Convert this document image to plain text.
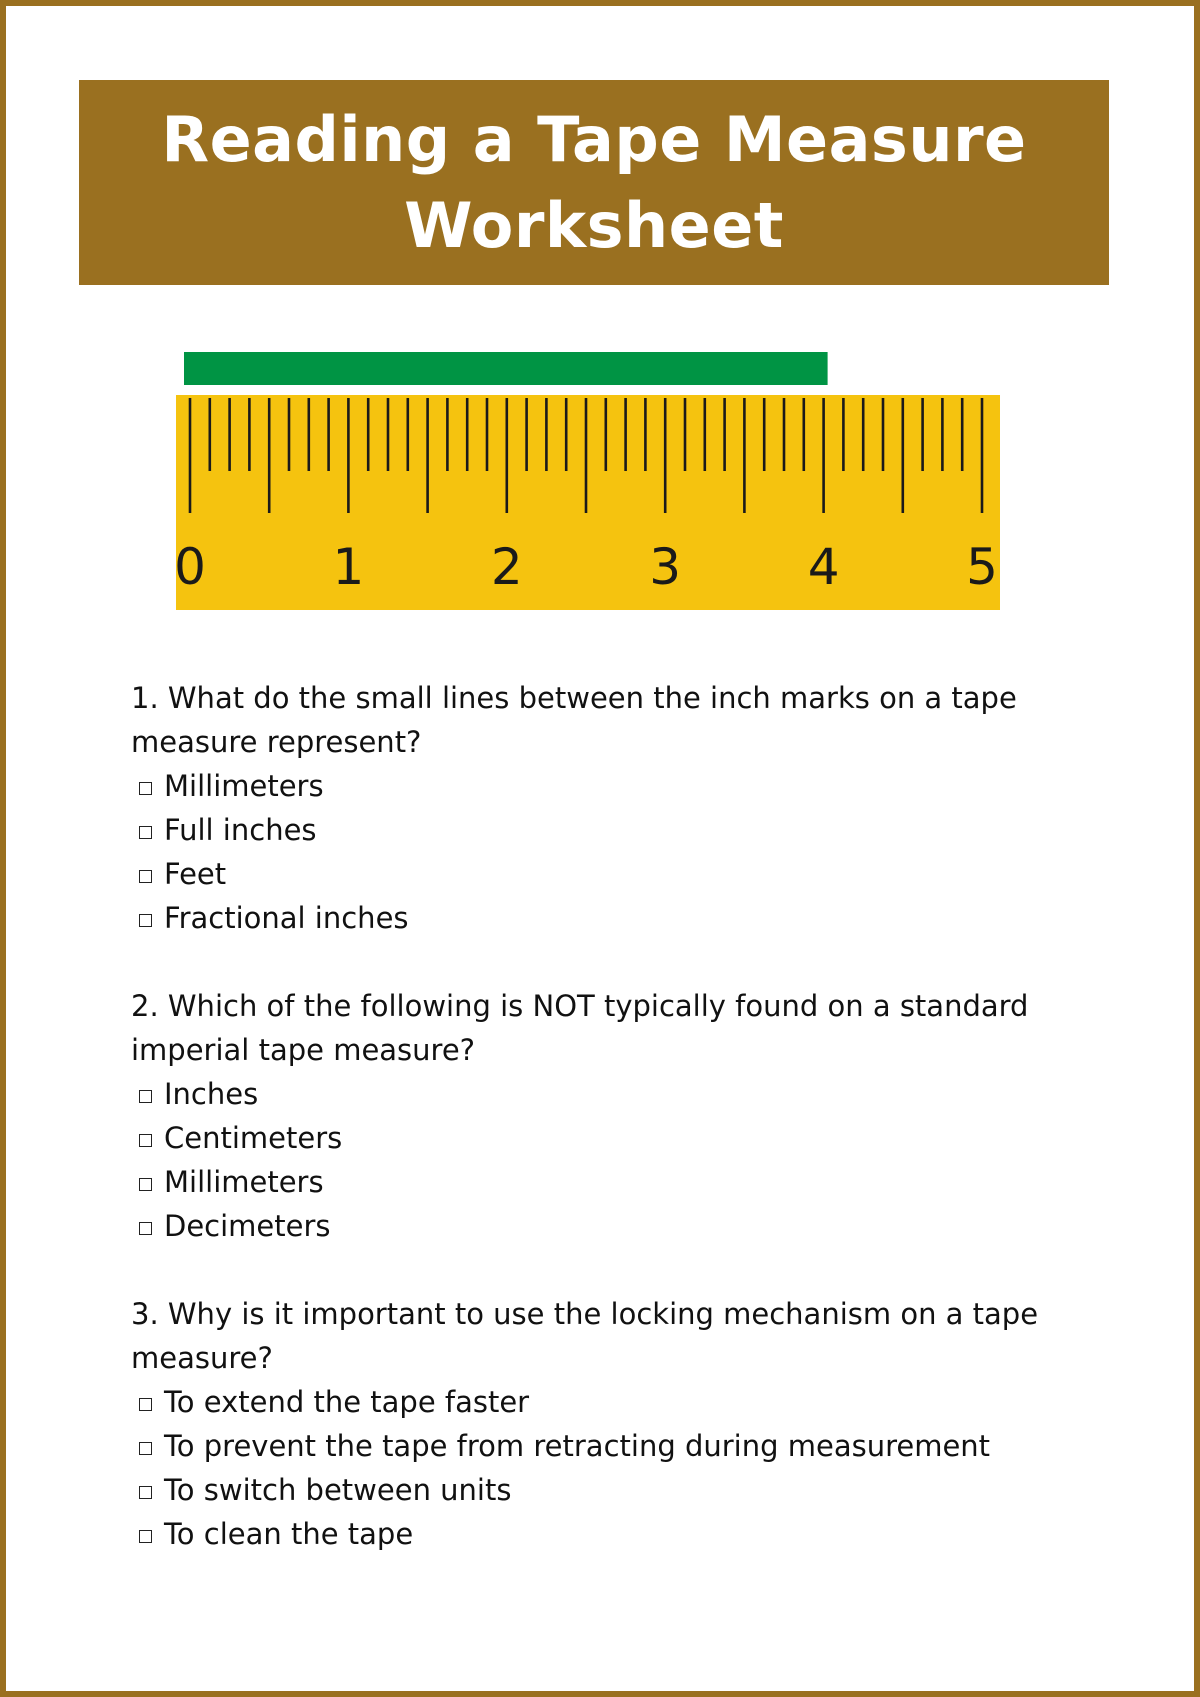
Reading a Tape Measure
Worksheet
0	1	2	3	4	5

1. What do the small lines between the inch marks on a tape measure represent?

Millimeters
Full inches
Feet
Fractional inches

2. Which of the following is NOT typically found on a standard imperial tape measure?

Inches
Centimeters
Millimeters
Decimeters

3. Why is it important to use the locking mechanism on a tape measure?

To extend the tape faster
To prevent the tape from retracting during measurement
To switch between units
To clean the tape
